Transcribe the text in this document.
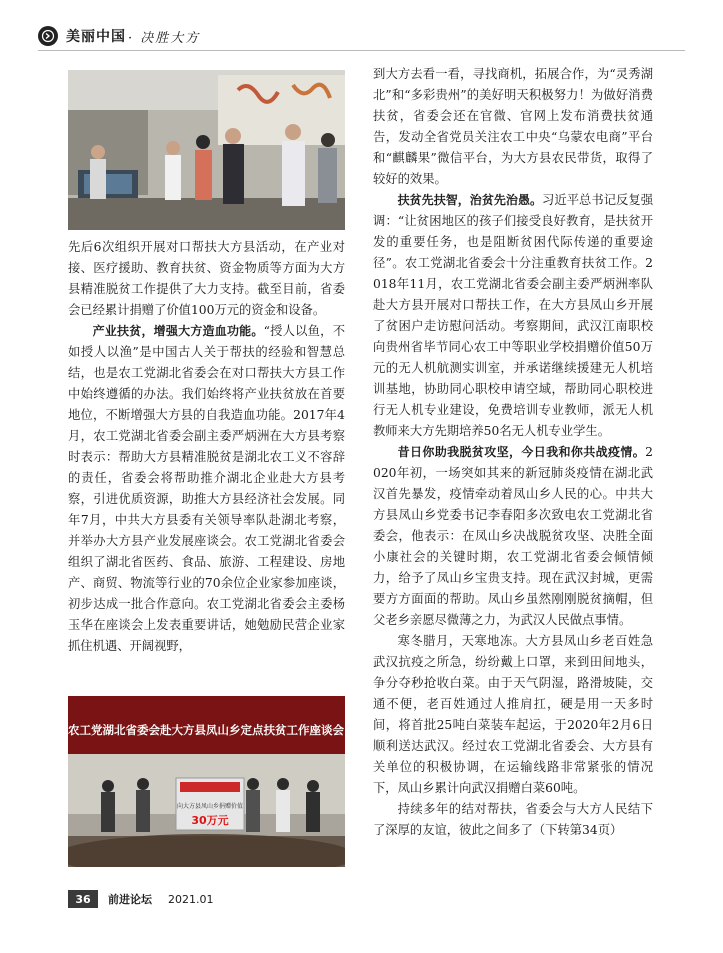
美丽中国 · 决胜大方

先后6次组织开展对口帮扶大方县活动，在产业对接、医疗援助、教育扶贫、资金物质等方面为大方县精准脱贫工作提供了大力支持。截至目前，省委会已经累计捐赠了价值100万元的资金和设备。

产业扶贫，增强大方造血功能。“授人以鱼，不如授人以渔”是中国古人关于帮扶的经验和智慧总结，也是农工党湖北省委会在对口帮扶大方县工作中始终遵循的办法。我们始终将产业扶贫放在首要地位，不断增强大方县的自我造血功能。2017年4月，农工党湖北省委会副主委严炳洲在大方县考察时表示：帮助大方县精准脱贫是湖北农工义不容辞的责任，省委会将帮助推介湖北企业赴大方县考察，引进优质资源，助推大方县经济社会发展。同年7月，中共大方县委有关领导率队赴湖北考察，并举办大方县产业发展座谈会。农工党湖北省委会组织了湖北省医药、食品、旅游、工程建设、房地产、商贸、物流等行业的70余位企业家参加座谈，初步达成一批合作意向。农工党湖北省委会主委杨玉华在座谈会上发表重要讲话，她勉励民营企业家抓住机遇、开阔视野，

农工党湖北省委会赴大方县凤山乡定点扶贫工作座谈会
向大方县凤山乡捐赠价值
30万元

到大方去看一看，寻找商机，拓展合作，为“灵秀湖北”和“多彩贵州”的美好明天积极努力！为做好消费扶贫，省委会还在官微、官网上发布消费扶贫通告，发动全省党员关注农工中央“乌蒙农电商”平台和“麒麟果”微信平台，为大方县农民带货，取得了较好的效果。

扶贫先扶智，治贫先治愚。习近平总书记反复强调：“让贫困地区的孩子们接受良好教育，是扶贫开发的重要任务，也是阻断贫困代际传递的重要途径”。农工党湖北省委会十分注重教育扶贫工作。2018年11月，农工党湖北省委会副主委严炳洲率队赴大方县开展对口帮扶工作，在大方县凤山乡开展了贫困户走访慰问活动。考察期间，武汉江南职校向贵州省毕节同心农工中等职业学校捐赠价值50万元的无人机航测实训室，并承诺继续援建无人机培训基地，协助同心职校申请空域，帮助同心职校进行无人机专业建设，免费培训专业教师，派无人机教师来大方先期培养50名无人机专业学生。

昔日你助我脱贫攻坚，今日我和你共战疫情。2020年初，一场突如其来的新冠肺炎疫情在湖北武汉首先暴发，疫情牵动着凤山乡人民的心。中共大方县凤山乡党委书记李春阳多次致电农工党湖北省委会，他表示：在凤山乡决战脱贫攻坚、决胜全面小康社会的关键时期，农工党湖北省委会倾情倾力，给予了凤山乡宝贵支持。现在武汉封城，更需要方方面面的帮助。凤山乡虽然刚刚脱贫摘帽，但父老乡亲愿尽微薄之力，为武汉人民做点事情。

寒冬腊月，天寒地冻。大方县凤山乡老百姓急武汉抗疫之所急，纷纷戴上口罩，来到田间地头，争分夺秒抢收白菜。由于天气阴湿，路滑坡陡，交通不便，老百姓通过人推肩扛，硬是用一天多时间，将首批25吨白菜装车起运，于2020年2月6日顺利送达武汉。经过农工党湖北省委会、大方县有关单位的积极协调，在运输线路非常紧张的情况下，凤山乡累计向武汉捐赠白菜60吨。

持续多年的结对帮扶，省委会与大方人民结下了深厚的友谊，彼此之间多了（下转第34页）

36	前进论坛 2021.01
